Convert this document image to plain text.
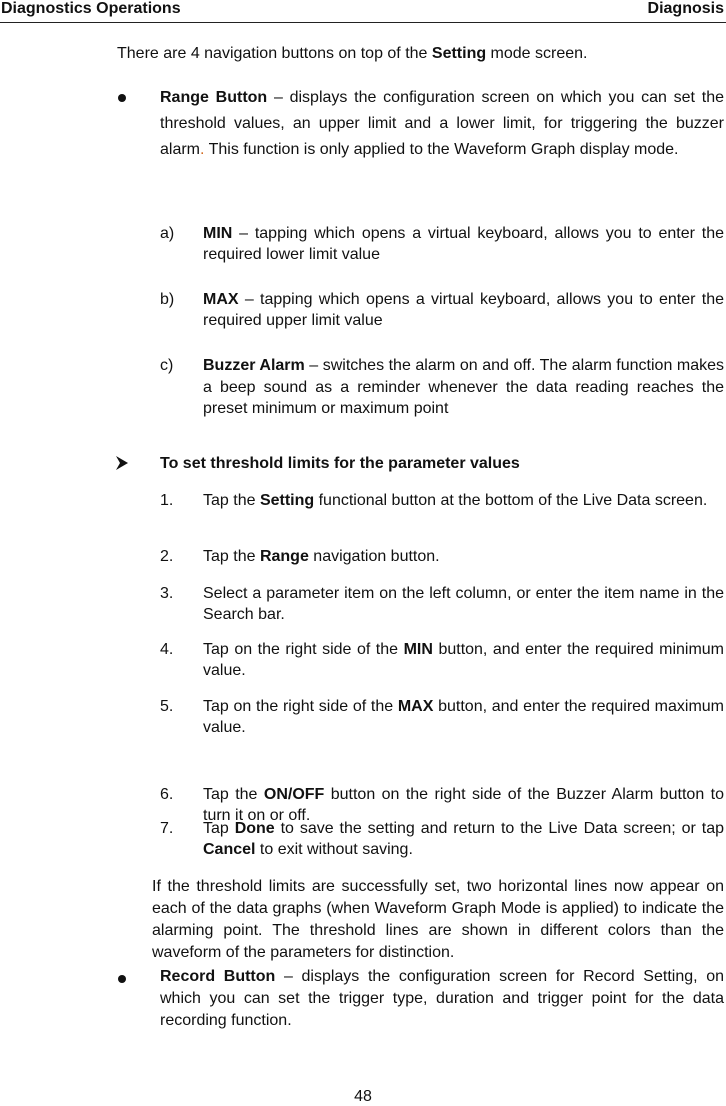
Diagnostics Operations	Diagnosis
There are 4 navigation buttons on top of the Setting mode screen.
Range Button – displays the configuration screen on which you can set the threshold values, an upper limit and a lower limit, for triggering the buzzer alarm. This function is only applied to the Waveform Graph display mode.
a) MIN – tapping which opens a virtual keyboard, allows you to enter the required lower limit value
b) MAX – tapping which opens a virtual keyboard, allows you to enter the required upper limit value
c) Buzzer Alarm – switches the alarm on and off. The alarm function makes a beep sound as a reminder whenever the data reading reaches the preset minimum or maximum point
To set threshold limits for the parameter values
1. Tap the Setting functional button at the bottom of the Live Data screen.
2. Tap the Range navigation button.
3. Select a parameter item on the left column, or enter the item name in the Search bar.
4. Tap on the right side of the MIN button, and enter the required minimum value.
5. Tap on the right side of the MAX button, and enter the required maximum value.
6. Tap the ON/OFF button on the right side of the Buzzer Alarm button to turn it on or off.
7. Tap Done to save the setting and return to the Live Data screen; or tap Cancel to exit without saving.
If the threshold limits are successfully set, two horizontal lines now appear on each of the data graphs (when Waveform Graph Mode is applied) to indicate the alarming point. The threshold lines are shown in different colors than the waveform of the parameters for distinction.
Record Button – displays the configuration screen for Record Setting, on which you can set the trigger type, duration and trigger point for the data recording function.
48
